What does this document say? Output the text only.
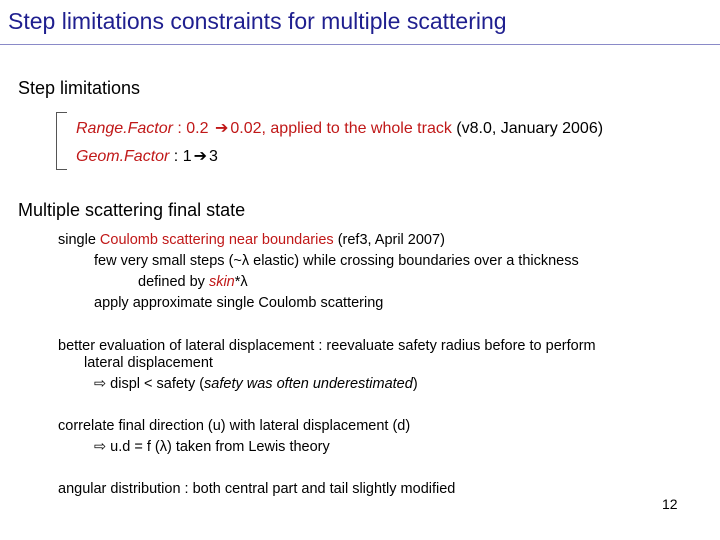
Step limitations constraints for multiple scattering
Step limitations
Range.Factor : 0.2 ➔ 0.02, applied to the whole track (v8.0, January 2006)
Geom.Factor : 1 ➔ 3
Multiple scattering final state
single Coulomb scattering near boundaries (ref3, April 2007)
few very small steps (~λ elastic) while crossing boundaries over a thickness
defined by skin*λ
apply approximate single Coulomb scattering
better evaluation of lateral displacement : reevaluate safety radius before to perform
lateral displacement
⇨ displ < safety (safety was often underestimated)
correlate final direction (u) with lateral displacement (d)
⇨ u.d = f (λ) taken from Lewis theory
angular distribution : both central part and tail slightly modified
12
